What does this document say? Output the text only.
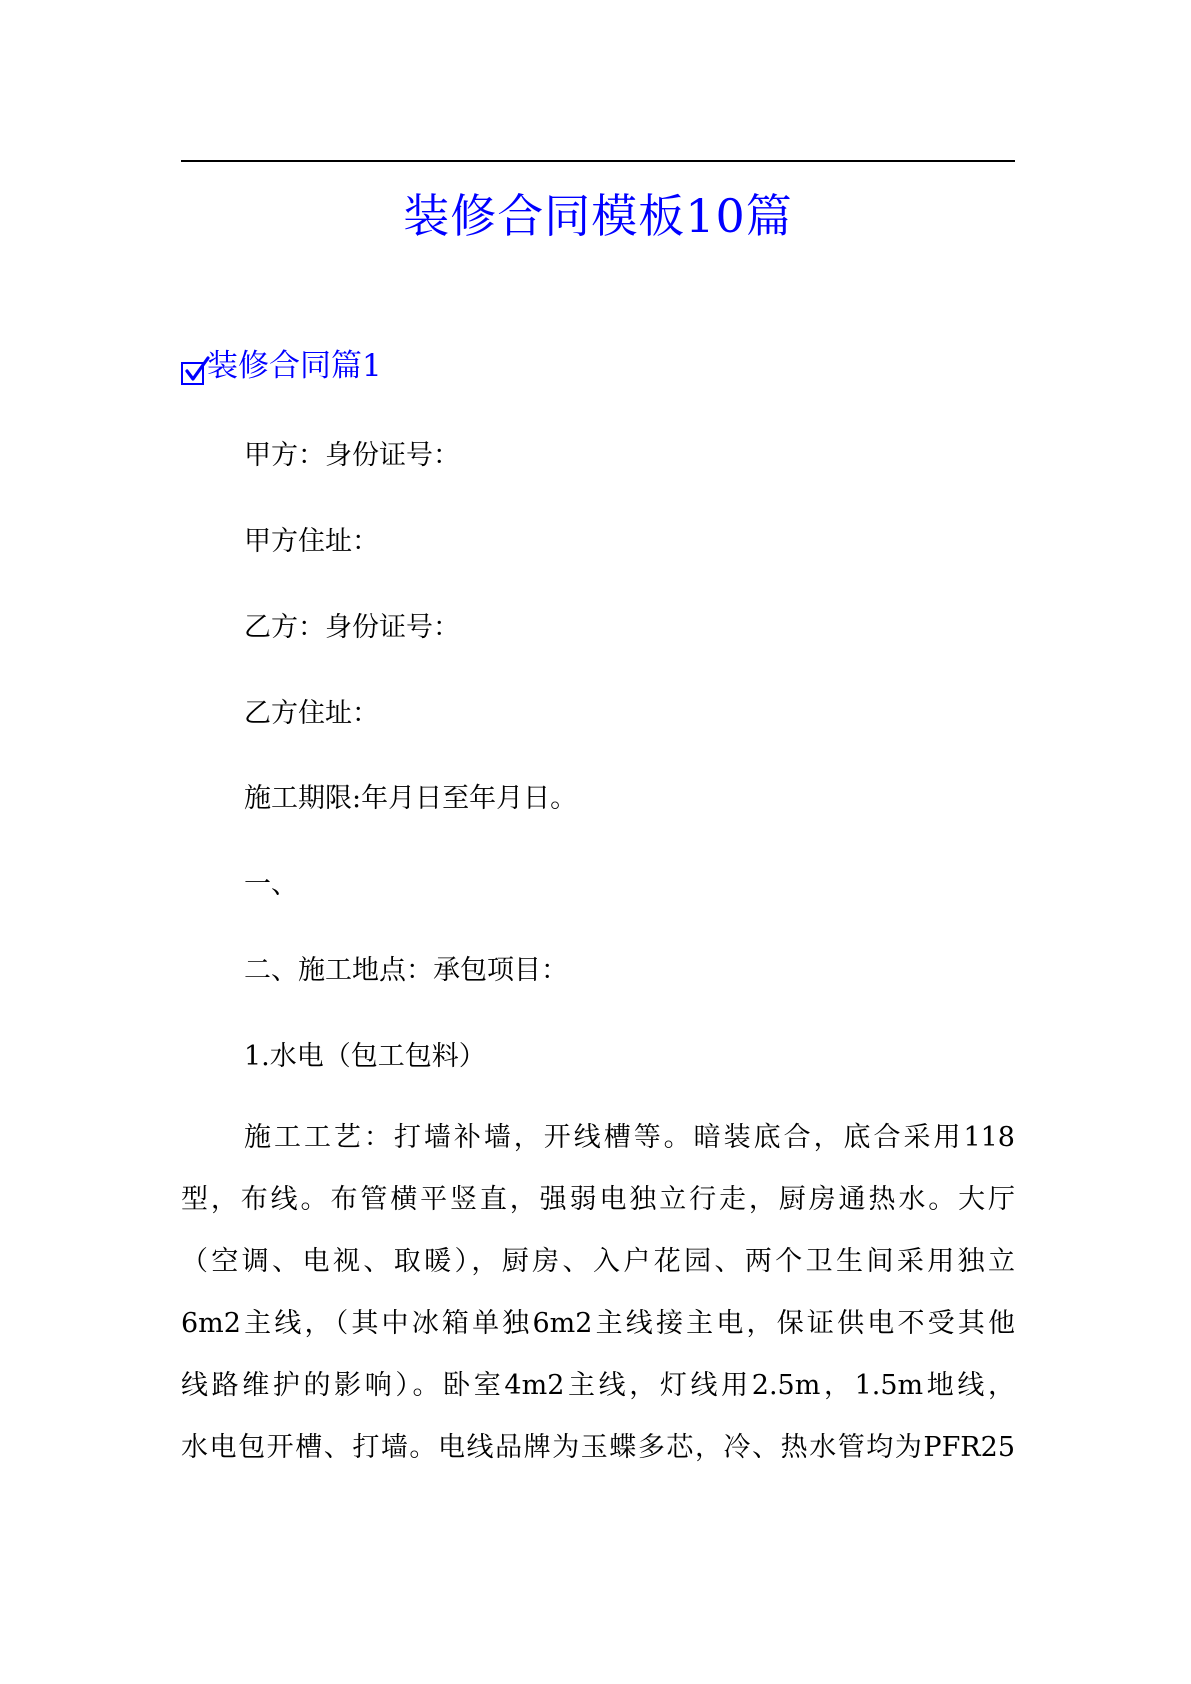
装修合同模板10篇
装修合同篇1
甲方：身份证号：
甲方住址：
乙方：身份证号：
乙方住址：
施工期限:年月日至年月日。
一、
二、施工地点：承包项目：
1.水电（包工包料）
施工工艺：打墙补墙，开线槽等。暗装底合，底合采用118
型，布线。布管横平竖直，强弱电独立行走，厨房通热水。大厅
（空调、电视、取暖），厨房、入户花园、两个卫生间采用独立
6m2主线，（其中冰箱单独6m2主线接主电，保证供电不受其他
线路维护的影响）。卧室4m2主线，灯线用2.5m，1.5m地线，
水电包开槽、打墙。电线品牌为玉蝶多芯，冷、热水管均为PFR25
